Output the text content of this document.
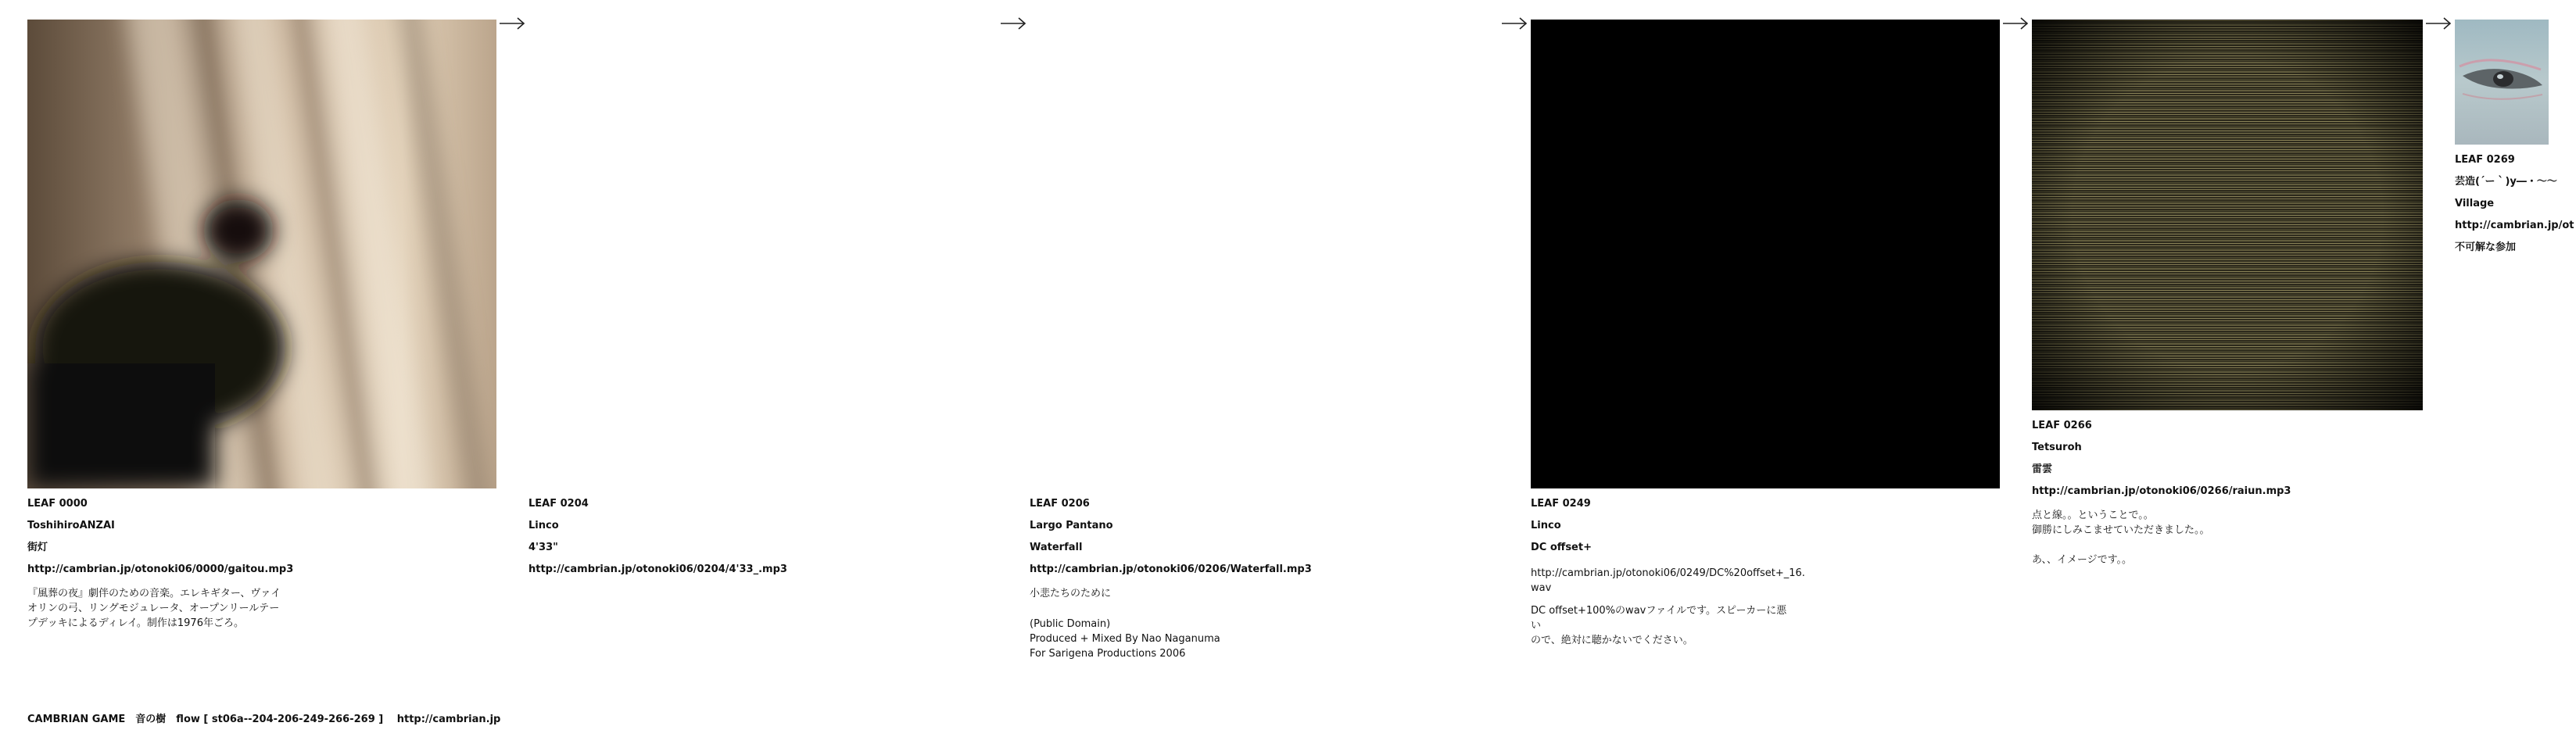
LEAF 0000
ToshihiroANZAI
街灯
http://cambrian.jp/otonoki06/0000/gaitou.mp3
『風葬の夜』劇伴のための音楽。エレキギター、ヴァイ
オリンの弓、リングモジュレータ、オープンリールテー
プデッキによるディレイ。制作は1976年ごろ。
LEAF 0204
Linco
4'33"
http://cambrian.jp/otonoki06/0204/4'33_.mp3
LEAF 0206
Largo Pantano
Waterfall
http://cambrian.jp/otonoki06/0206/Waterfall.mp3
小悲たちのために
(Public Domain)
Produced + Mixed By Nao Naganuma
For Sarigena Productions 2006
LEAF 0249
Linco
DC offset+
http://cambrian.jp/otonoki06/0249/DC%20offset+_16.
wav
DC offset+100%のwavファイルです。スピーカーに悪い
ので、絶対に聴かないでください。
LEAF 0266
Tetsuroh
雷雲
http://cambrian.jp/otonoki06/0266/raiun.mp3
点と線。。ということで。。
御勝にしみこませていただきました。。

あ、、イメージです。。
LEAF 0269
芸造(´ー｀)y―・～～
Village
http://cambrian.jp/ot
不可解な参加
CAMBRIAN GAME　音の樹　flow [ st06a--204-206-249-266-269 ]　 http://cambrian.jp
